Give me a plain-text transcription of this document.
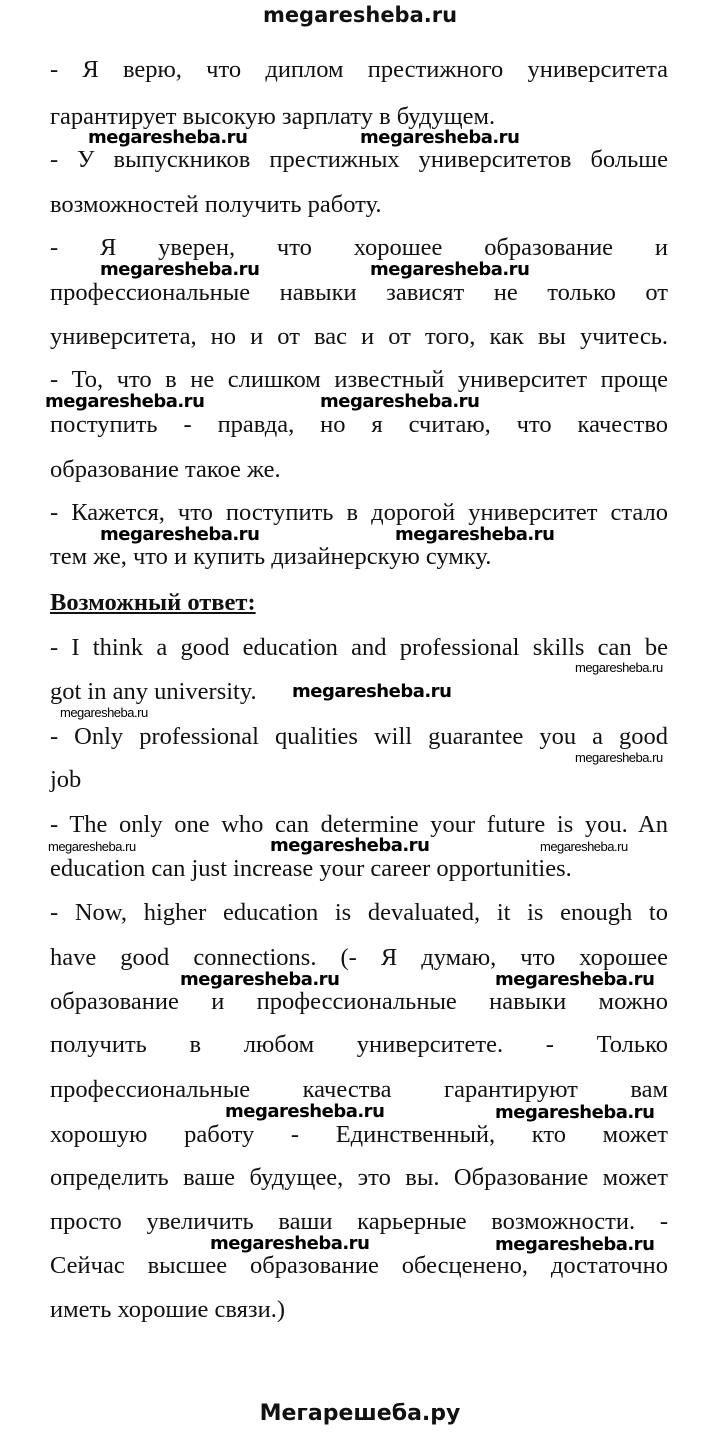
megaresheba.ru
- Я верю, что диплом престижного университета
гарантирует высокую зарплату в будущем.
- У выпускников престижных университетов больше
возможностей получить работу.
- Я уверен, что хорошее образование и
профессиональные навыки зависят не только от
университета, но и от вас и от того, как вы учитесь.
- То, что в не слишком известный университет проще
поступить - правда, но я считаю, что качество
образование такое же.
- Кажется, что поступить в дорогой университет стало
тем же, что и купить дизайнерскую сумку.
Возможный ответ:
- I think a good education and professional skills can be
got in any university.
- Only professional qualities will guarantee you a good
job
- The only one who can determine your future is you. An
education can just increase your career opportunities.
- Now, higher education is devaluated, it is enough to
have good connections. (- Я думаю, что хорошее
образование и профессиональные навыки можно
получить в любом университете. - Только
профессиональные качества гарантируют вам
хорошую работу - Единственный, кто может
определить ваше будущее, это вы. Образование может
просто увеличить ваши карьерные возможности. -
Сейчас высшее образование обесценено, достаточно
иметь хорошие связи.)
megaresheba.ru	megaresheba.ru
megaresheba.ru	megaresheba.ru
megaresheba.ru	megaresheba.ru
megaresheba.ru	megaresheba.ru
megaresheba.ru
megaresheba.ru
megaresheba.ru	megaresheba.ru
megaresheba.ru	megaresheba.ru
megaresheba.ru	megaresheba.ru
megaresheba.ru
megaresheba.ru
megaresheba.ru
megaresheba.ru	megaresheba.ru
Мегарешеба.ру
